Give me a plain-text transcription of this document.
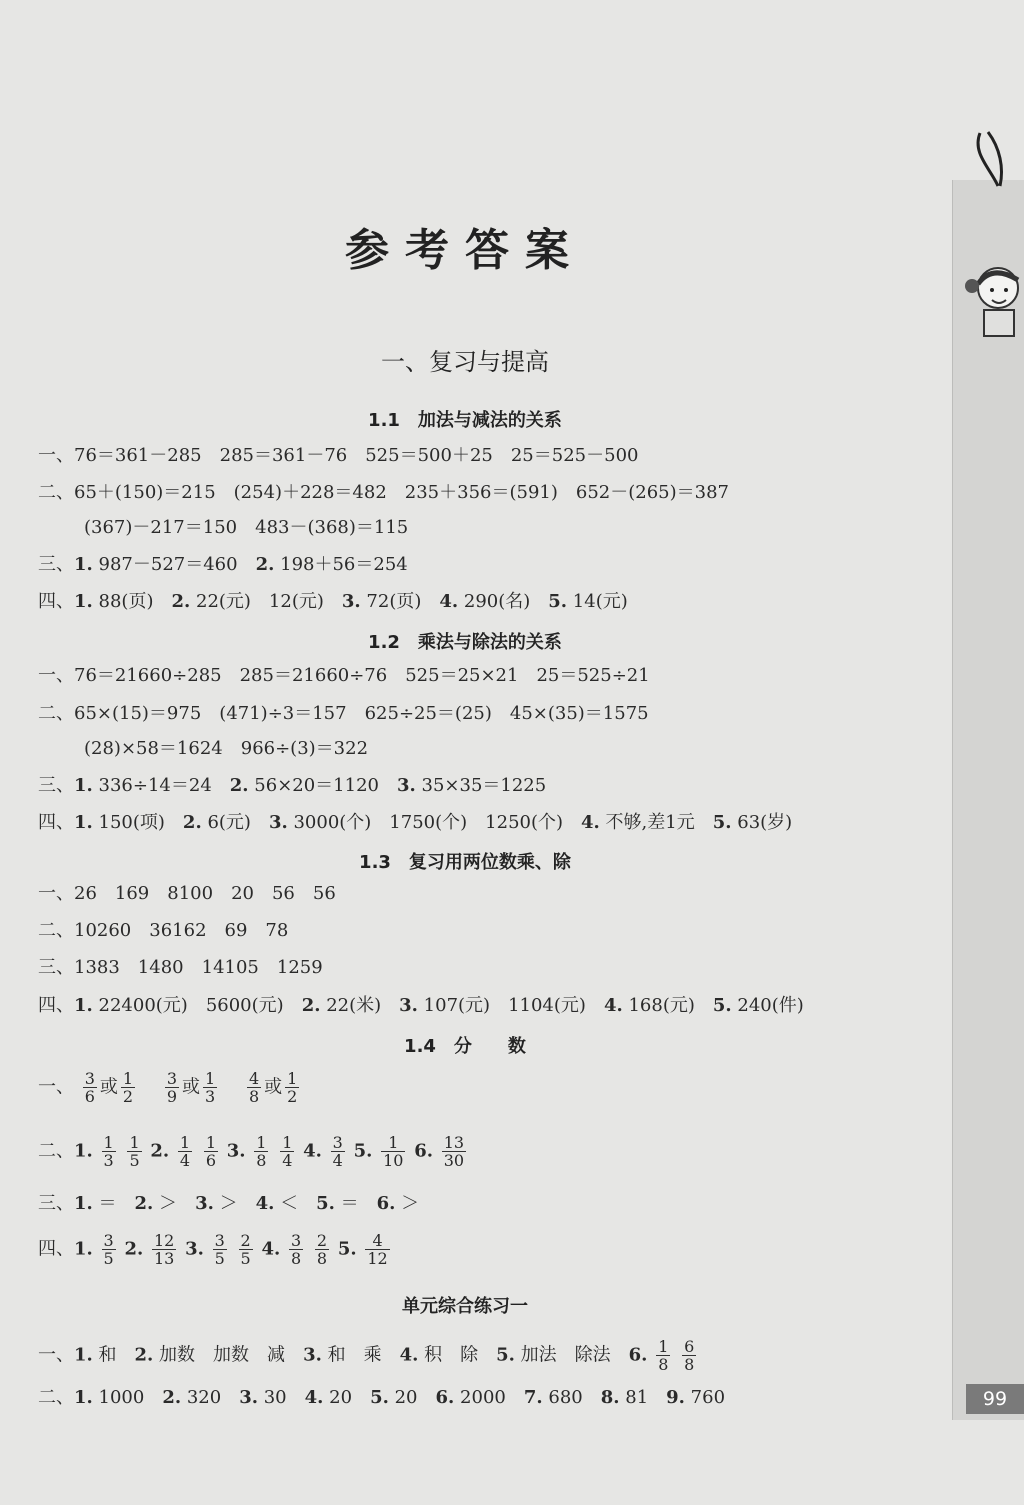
99
参考答案
一、复习与提高
1.1　加法与减法的关系
一、76＝361－285　285＝361－76　525＝500＋25　25＝525－500
二、65＋(150)＝215　(254)＋228＝482　235＋356＝(591)　652－(265)＝387
(367)－217＝150　483－(368)＝115
三、1. 987－527＝460　2. 198＋56＝254
四、1. 88(页)　2. 22(元)　12(元)　3. 72(页)　4. 290(名)　5. 14(元)
1.2　乘法与除法的关系
一、76＝21660÷285　285＝21660÷76　525＝25×21　25＝525÷21
二、65×(15)＝975　(471)÷3＝157　625÷25＝(25)　45×(35)＝1575
(28)×58＝1624　966÷(3)＝322
三、1. 336÷14＝24　2. 56×20＝1120　3. 35×35＝1225
四、1. 150(项)　2. 6(元)　3. 3000(个)　1750(个)　1250(个)　4. 不够,差1元　5. 63(岁)
1.3　复习用两位数乘、除
一、26　169　8100　20　56　56
二、10260　36162　69　78
三、1383　1480　14105　1259
四、1. 22400(元)　5600(元)　2. 22(米)　3. 107(元)　1104(元)　4. 168(元)　5. 240(件)
1.4　分　　数
一、 $\frac{3}{6}$ 或 $\frac{1}{2}$
　 $\frac{3}{9}$ 或 $\frac{1}{3}$
　 $\frac{4}{8}$ 或 $\frac{1}{2}$
二、1. $\frac{1}{3}$
$\frac{1}{5} 2$. $\frac{1}{4}$
$\frac{1}{6} 3$. $\frac{1}{8}$
$\frac{1}{4} 4$. $\frac{3}{4} 5$. $\frac{1}{10} 6$. $\frac{13}{30}$
三、1. ＝　2. ＞　3. ＞　4. ＜　5. ＝　6. ＞
四、1. $\frac{3}{5} 2$. $\frac{12}{13} 3$. $\frac{3}{5}$
$\frac{2}{5} 4$. $\frac{3}{8}$
$\frac{2}{8} 5$. $\frac{4}{12}$
单元综合练习一
一、1. 和　2. 加数　加数　减　3. 和　乘　4. 积　除　5. 加法　除法　6. $\frac{1}{8}$
$\frac{6}{8}$
二、1. 1000　2. 320　3. 30　4. 20　5. 20　6. 2000　7. 680　8. 81　9. 760
